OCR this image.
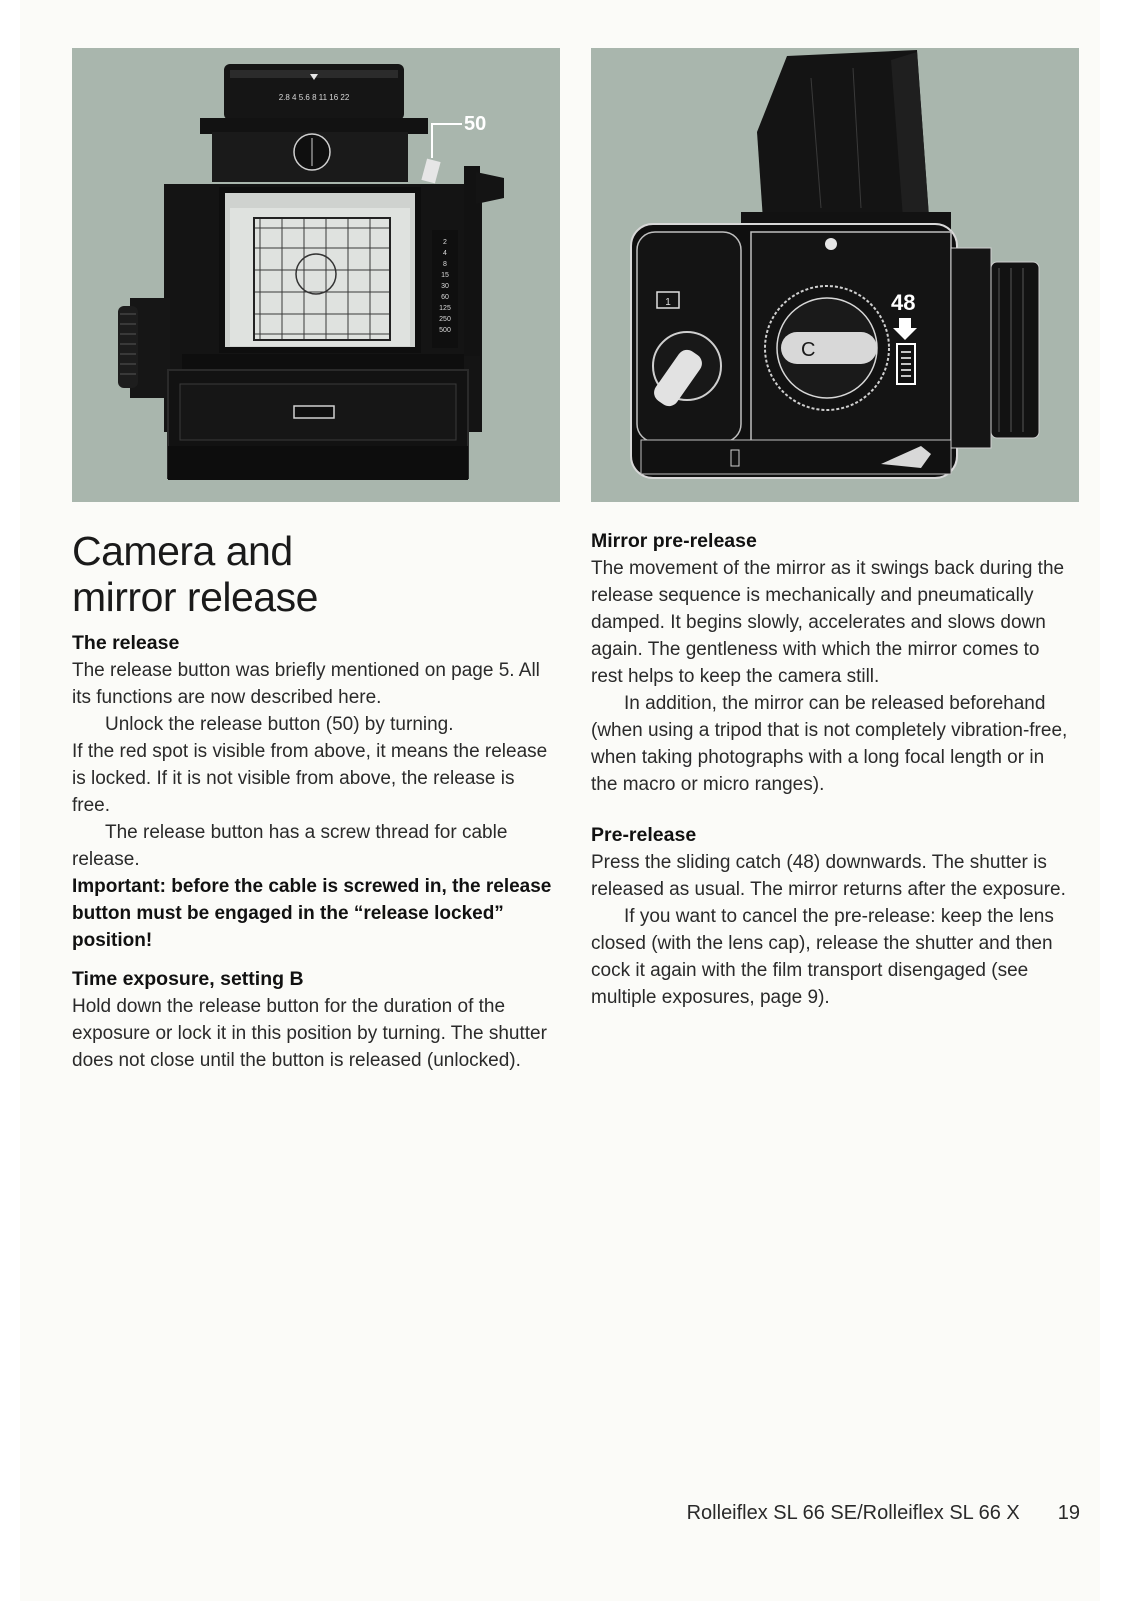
2.8 4 5.6 8 11 16 22
2
4
8
15
30
60
125
250
500
50
1
C
48
Camera and
mirror release
The release

The release button was briefly mentioned on page 5. All its functions are now described here.

Unlock the release button (50) by turning.

If the red spot is visible from above, it means the release is locked. If it is not visible from above, the release is free.

The release button has a screw thread for cable release.

Important: before the cable is screwed in, the release button must be engaged in the “release locked” position!

Time exposure, setting B

Hold down the release button for the duration of the exposure or lock it in this position by turning. The shutter does not close until the button is released (unlocked).

Mirror pre-release

The movement of the mirror as it swings back during the release sequence is mechanically and pneumatically damped. It begins slowly, accelerates and slows down again. The gentleness with which the mirror comes to rest helps to keep the camera still.

In addition, the mirror can be released beforehand (when using a tripod that is not completely vibration-free, when taking photographs with a long focal length or in the macro or micro ranges).

Pre-release

Press the sliding catch (48) downwards. The shutter is released as usual. The mirror returns after the exposure.

If you want to cancel the pre-release: keep the lens closed (with the lens cap), release the shutter and then cock it again with the film transport disengaged (see multiple exposures, page 9).

Rolleiflex SL 66 SE/Rolleiflex SL 66 X 19
